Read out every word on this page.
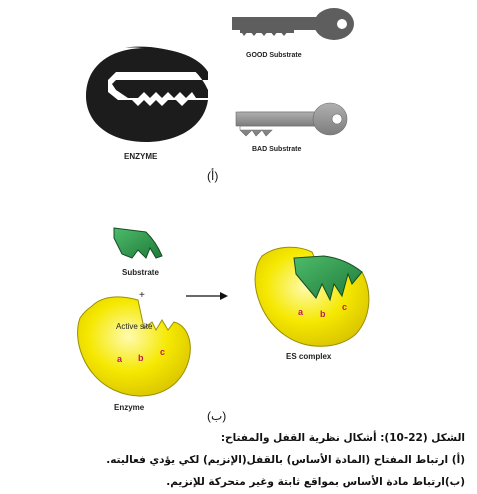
GOOD Substrate
BAD Substrate
ENZYME
(أ)
Substrate
+
Active site
a b
c
Enzyme
a b
c
ES complex
(ب)
الشكل (22-10): أشكال نظرية القفل والمفتاح:
(أ) ارتباط المفتاح (المادة الأساس) بالقفل(الإنزيم) لكي يؤدي فعاليته.
(ب)ارتباط مادة الأساس بمواقع ثابتة وغير متحركة للإنزيم.
